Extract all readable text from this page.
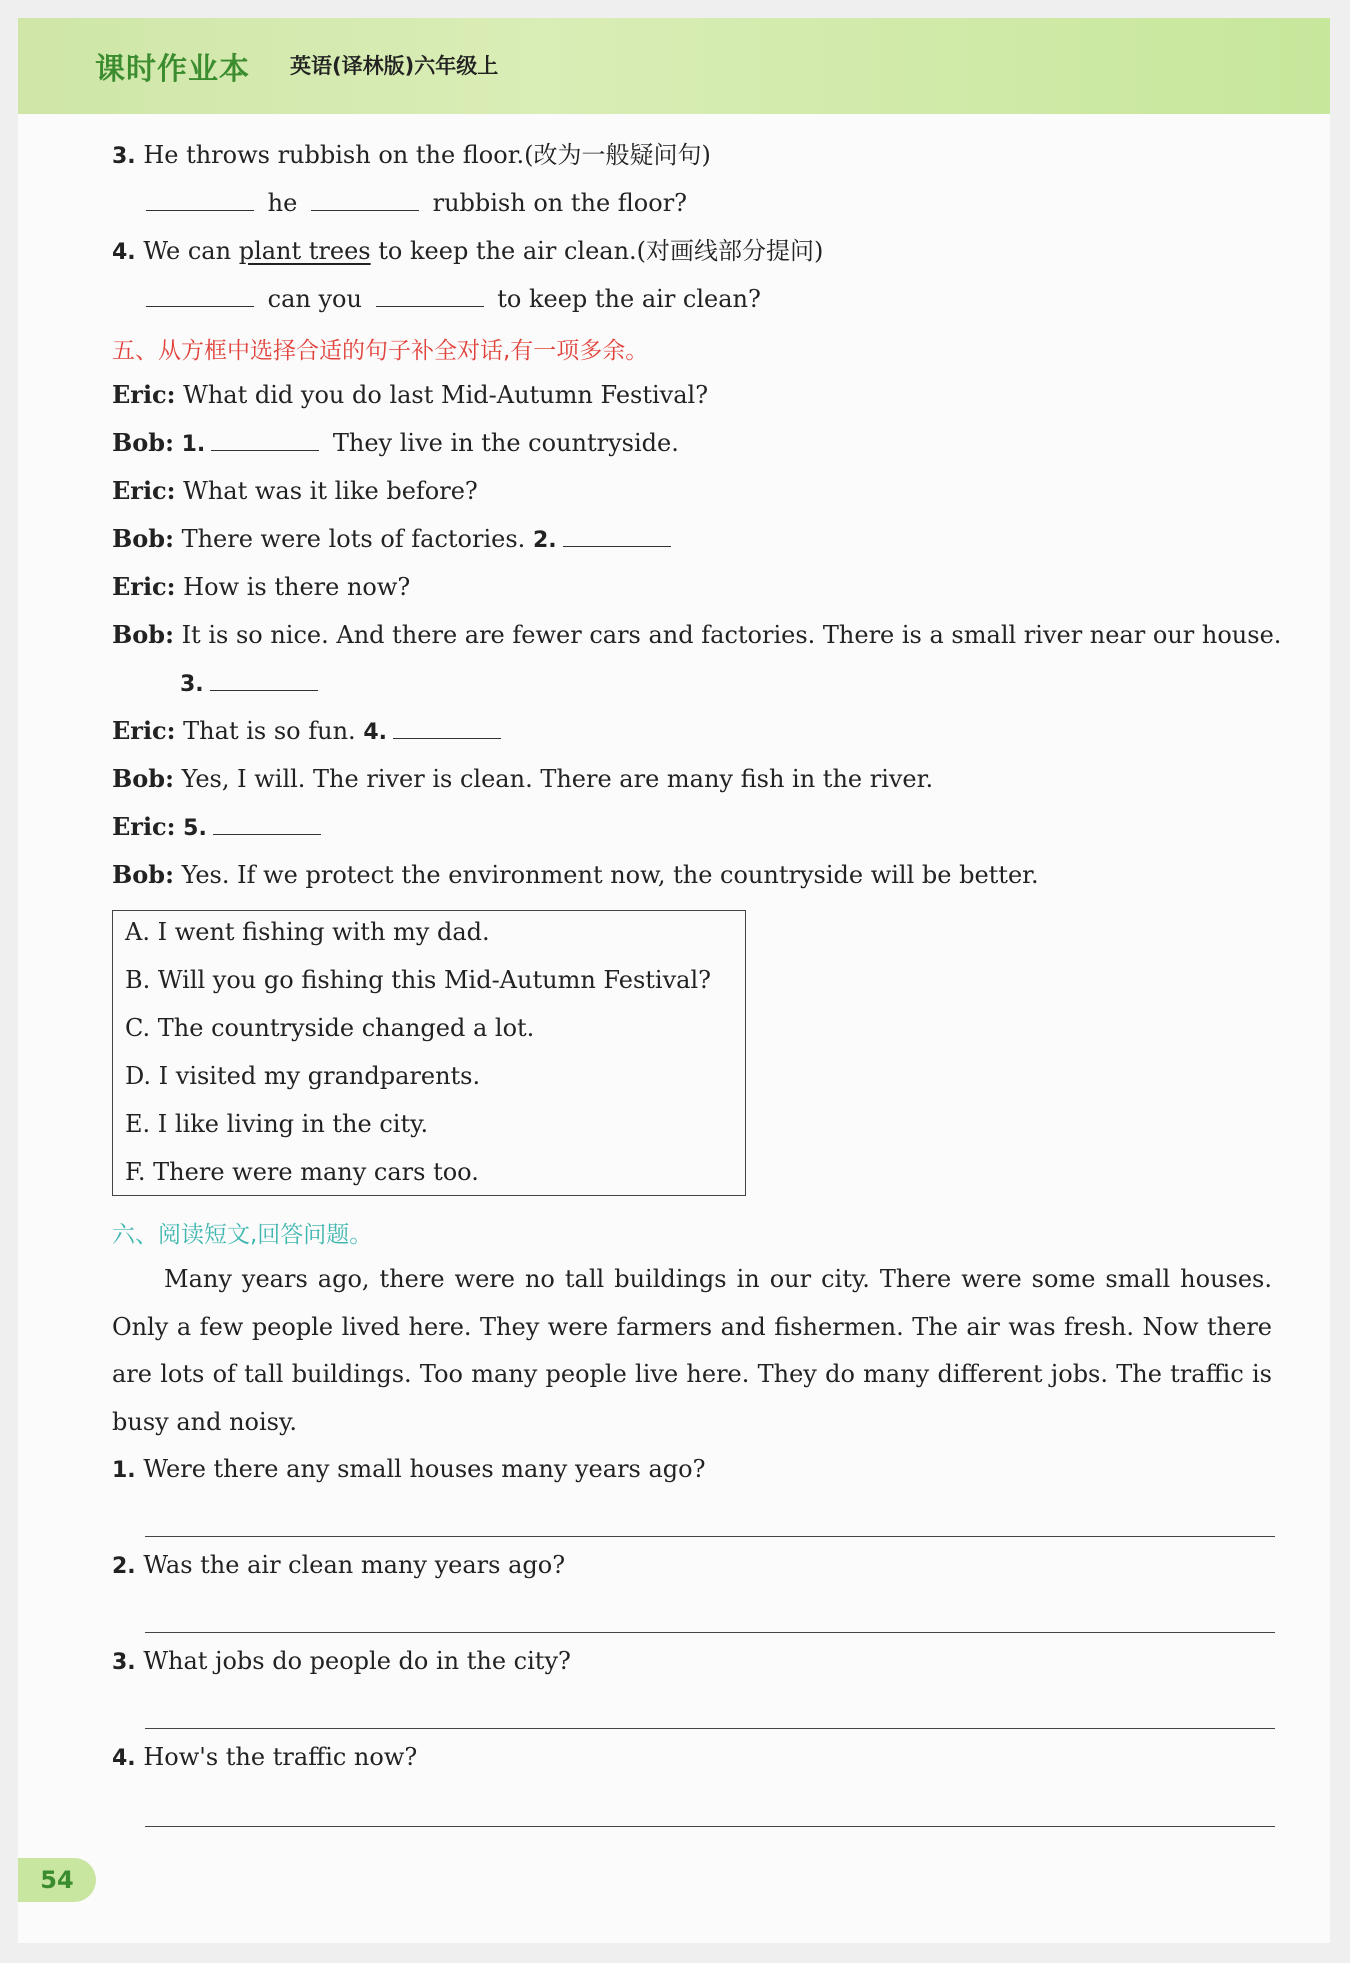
课时作业本 英语(译林版)六年级上
3. He throws rubbish on the floor.(改为一般疑问句)
he	rubbish on the floor?
4. We can plant trees to keep the air clean.(对画线部分提问)
can you	to keep the air clean?
五、从方框中选择合适的句子补全对话,有一项多余。
Eric: What did you do last Mid-Autumn Festival?
Bob: 1.	They live in the countryside.
Eric: What was it like before?
Bob: There were lots of factories. 2.
Eric: How is there now?
Bob: It is so nice. And there are fewer cars and factories. There is a small river near our house.
3.
Eric: That is so fun. 4.
Bob: Yes, I will. The river is clean. There are many fish in the river.
Eric: 5.
Bob: Yes. If we protect the environment now, the countryside will be better.
A. I went fishing with my dad.
B. Will you go fishing this Mid-Autumn Festival?
C. The countryside changed a lot.
D. I visited my grandparents.
E. I like living in the city.
F. There were many cars too.
六、阅读短文,回答问题。
Many years ago, there were no tall buildings in our city. There were some small houses. Only a few people lived here. They were farmers and fishermen. The air was fresh. Now there are lots of tall buildings. Too many people live here. They do many different jobs. The traffic is busy and noisy.
1. Were there any small houses many years ago?
2. Was the air clean many years ago?
3. What jobs do people do in the city?
4. How's the traffic now?
54
